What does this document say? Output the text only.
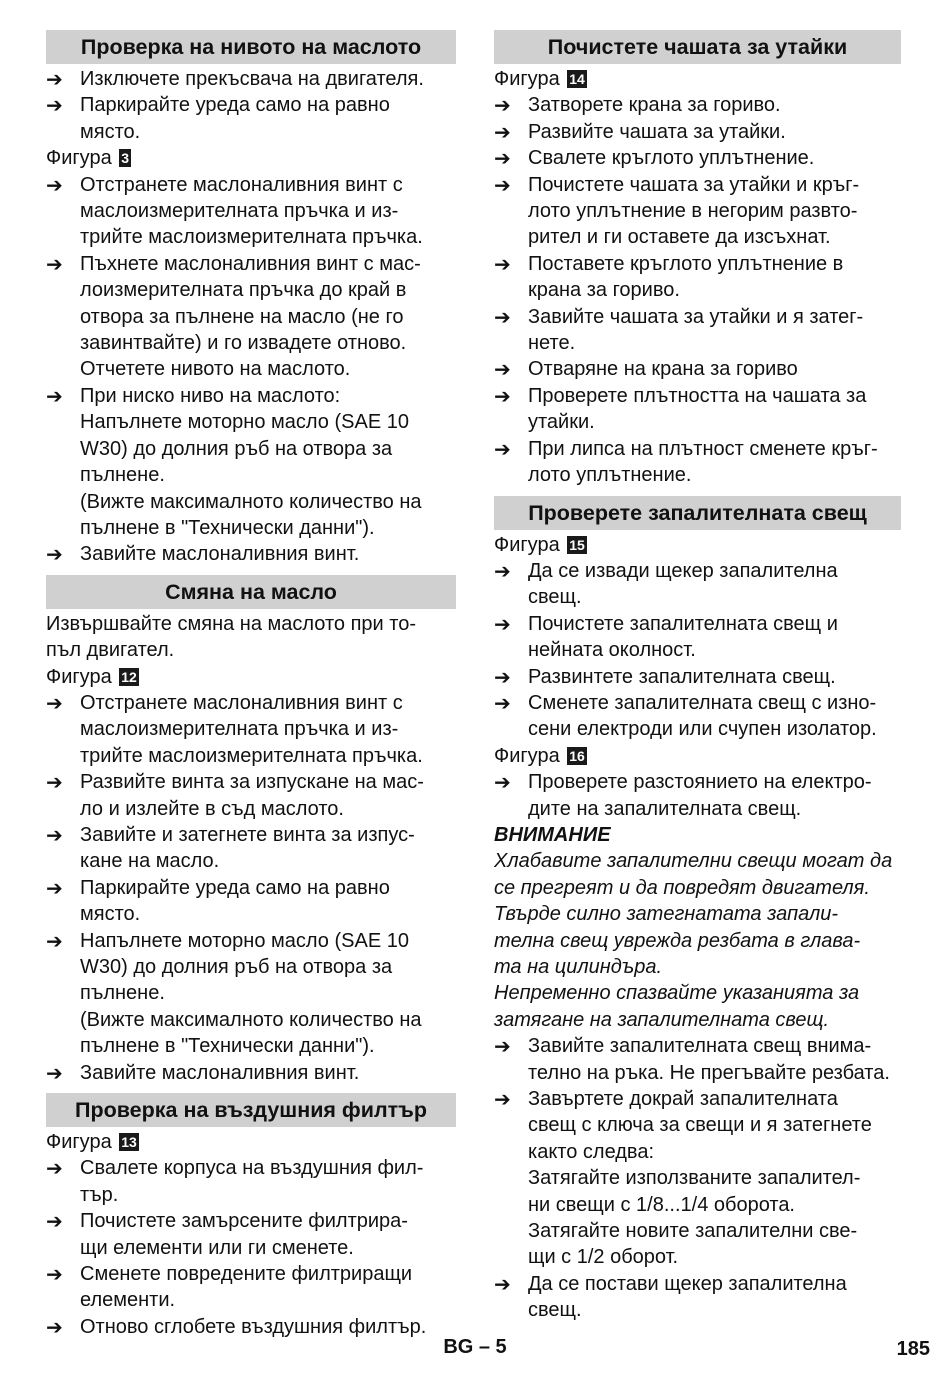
Проверка на нивото на маслото
➔ Изключете прекъсвача на двигателя.
➔ Паркирайте уреда само на равно
място.
Фигура 3
➔ Отстранете маслоналивния винт с
маслоизмерителната пръчка и из-
трийте маслоизмерителната пръчка.
➔ Пъхнете маслоналивния винт с мас-
лоизмерителната пръчка до край в
отвора за пълнене на масло (не го
завинтвайте) и го извадете отново.
Отчетете нивото на маслото.
➔ При ниско ниво на маслото:
Напълнете моторно масло (SAE 10
W30) до долния ръб на отвора за
пълнене.
(Вижте максималното количество на
пълнене в "Технически данни").
➔ Завийте маслоналивния винт.
Смяна на масло
Извършвайте смяна на маслото при то-
пъл двигател.
Фигура 12
➔ Отстранете маслоналивния винт с
маслоизмерителната пръчка и из-
трийте маслоизмерителната пръчка.
➔ Развийте винта за изпускане на мас-
ло и излейте в съд маслото.
➔ Завийте и затегнете винта за изпус-
кане на масло.
➔ Паркирайте уреда само на равно
място.
➔ Напълнете моторно масло (SAE 10
W30) до долния ръб на отвора за
пълнене.
(Вижте максималното количество на
пълнене в "Технически данни").
➔ Завийте маслоналивния винт.
Проверка на въздушния филтър
Фигура 13
➔ Свалете корпуса на въздушния фил-
тър.
➔ Почистете замърсените филтрира-
щи елементи или ги сменете.
➔ Сменете повредените филтриращи
елементи.
➔ Отново сглобете въздушния филтър.
Почистете чашата за утайки
Фигура 14
➔ Затворете крана за гориво.
➔ Развийте чашата за утайки.
➔ Свалете кръглото уплътнение.
➔ Почистете чашата за утайки и кръг-
лото уплътнение в негорим развто-
рител и ги оставете да изсъхнат.
➔ Поставете кръглото уплътнение в
крана за гориво.
➔ Завийте чашата за утайки и я затег-
нете.
➔ Отваряне на крана за гориво
➔ Проверете плътността на чашата за
утайки.
➔ При липса на плътност сменете кръг-
лото уплътнение.
Проверете запалителната свещ
Фигура 15
➔ Да се извади щекер запалителна
свещ.
➔ Почистете запалителната свещ и
нейната околност.
➔ Развинтете запалителната свещ.
➔ Сменете запалителната свещ с изно-
сени електроди или счупен изолатор.
Фигура 16
➔ Проверете разстоянието на електро-
дите на запалителната свещ.
ВНИМАНИЕ
Хлабавите запалителни свещи могат да
се прегреят и да повредят двигателя.
Твърде силно затегнатата запали-
телна свещ уврежда резбата в глава-
та на цилиндъра.
Непременно спазвайте указанията за
затягане на запалителната свещ.
➔ Завийте запалителната свещ внима-
телно на ръка. Не прегъвайте резбата.
➔ Завъртете докрай запалителната
свещ с ключа за свещи и я затегнете
както следва:
Затягайте използваните запалител-
ни свещи с 1/8...1/4 оборота.
Затягайте новите запалителни све-
щи с 1/2 оборот.
➔ Да се постави щекер запалителна
свещ.
BG – 5	185
